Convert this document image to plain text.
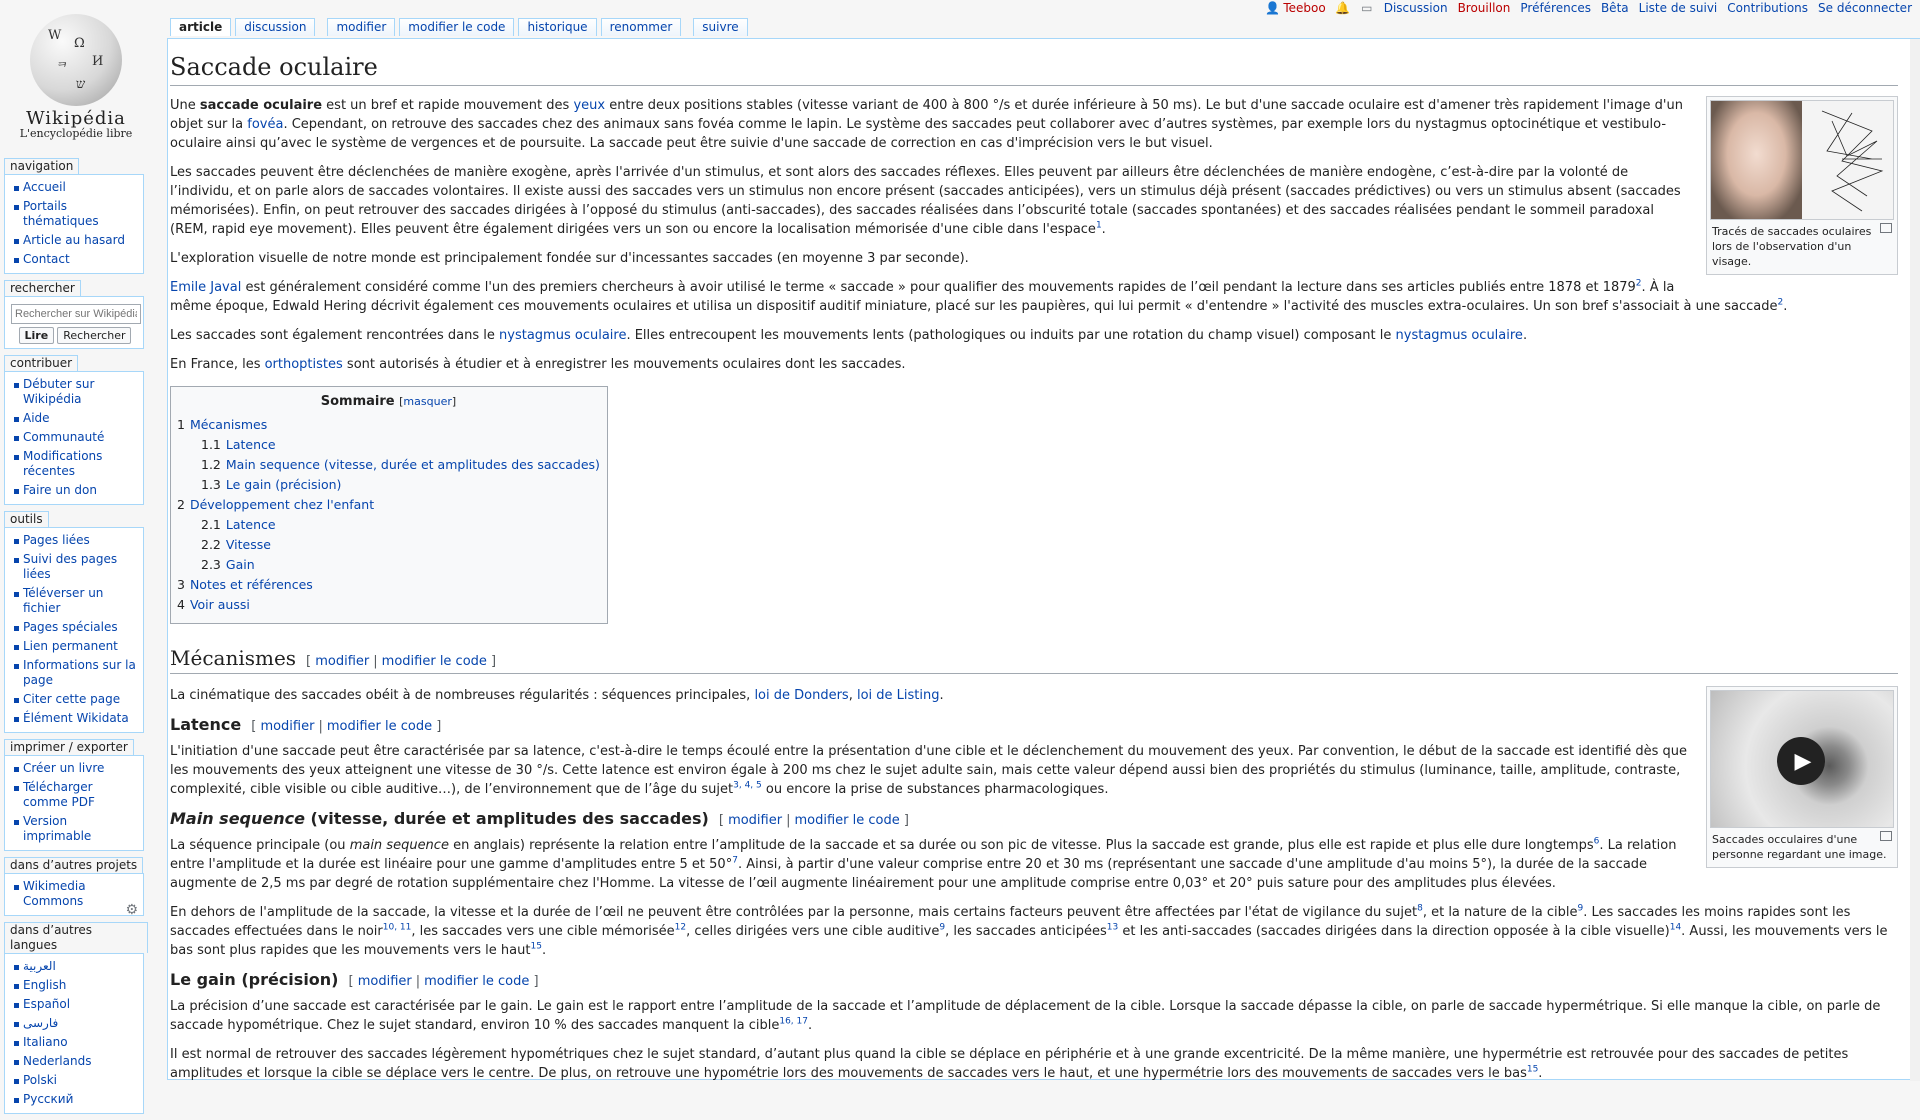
👤 Teeboo 🔔 ▭ Discussion Brouillon Préférences Bêta Liste de suivi Contributions Se déconnecter
article	discussion	modifier	modifier le code	historique	renommer	suivre
W
Ω
И
ᄏ
ש
Wikipédia
L'encyclopédie libre
navigation
Accueil
Portails thématiques
Article au hasard
Contact
rechercher
Rechercher sur Wikipédia
Lire	Rechercher
contribuer
Débuter sur Wikipédia
Aide
Communauté
Modifications récentes
Faire un don
outils
Pages liées
Suivi des pages liées
Téléverser un fichier
Pages spéciales
Lien permanent
Informations sur la page
Citer cette page
Élément Wikidata
imprimer / exporter
Créer un livre
Télécharger comme PDF
Version imprimable
dans d’autres projets
Wikimedia Commons
⚙
dans d’autres langues
العربية
English
Español
فارسی
Italiano
Nederlands
Polski
Русский
Saccade oculaire
Tracés de saccades oculaires lors de l'observation d'un visage.

Une saccade oculaire est un bref et rapide mouvement des yeux entre deux positions stables (vitesse variant de 400 à 800 °/s et durée inférieure à 50 ms). Le but d'une saccade oculaire est d'amener très rapidement l'image d'un objet sur la fovéa. Cependant, on retrouve des saccades chez des animaux sans fovéa comme le lapin. Le système des saccades peut collaborer avec d’autres systèmes, par exemple lors du nystagmus optocinétique et vestibulo-oculaire ainsi qu’avec le système de vergences et de poursuite. La saccade peut être suivie d'une saccade de correction en cas d'imprécision vers le but visuel.

Les saccades peuvent être déclenchées de manière exogène, après l'arrivée d'un stimulus, et sont alors des saccades réflexes. Elles peuvent par ailleurs être déclenchées de manière endogène, c’est-à-dire par la volonté de l’individu, et on parle alors de saccades volontaires. Il existe aussi des saccades vers un stimulus non encore présent (saccades anticipées), vers un stimulus déjà présent (saccades prédictives) ou vers un stimulus absent (saccades mémorisées). Enfin, on peut retrouver des saccades dirigées à l’opposé du stimulus (anti-saccades), des saccades réalisées dans l’obscurité totale (saccades spontanées) et des saccades réalisées pendant le sommeil paradoxal (REM, rapid eye movement). Elles peuvent être également dirigées vers un son ou encore la localisation mémorisée d'une cible dans l'espace$^1$.

L'exploration visuelle de notre monde est principalement fondée sur d'incessantes saccades (en moyenne 3 par seconde).

Emile Javal est généralement considéré comme l'un des premiers chercheurs à avoir utilisé le terme « saccade » pour qualifier des mouvements rapides de l’œil pendant la lecture dans ses articles publiés entre 1878 et 1879$^2$. À la même époque, Edwald Hering décrivit également ces mouvements oculaires et utilisa un dispositif auditif miniature, placé sur les paupières, qui lui permit « d'entendre » l'activité des muscles extra-oculaires. Un son bref s'associait à une saccade$^2$.

Les saccades sont également rencontrées dans le nystagmus oculaire. Elles entrecoupent les mouvements lents (pathologiques ou induits par une rotation du champ visuel) composant le nystagmus oculaire.

En France, les orthoptistes sont autorisés à étudier et à enregistrer les mouvements oculaires dont les saccades.

Sommaire [masquer]
1 Mécanismes
1.1 Latence
1.2 Main sequence (vitesse, durée et amplitudes des saccades)
1.3 Le gain (précision)
2 Développement chez l'enfant
2.1 Latence
2.2 Vitesse
2.3 Gain
3 Notes et références
4 Voir aussi
Mécanismes [ modifier | modifier le code ]
▶
Saccades occulaires d'une personne regardant une image.

La cinématique des saccades obéit à de nombreuses régularités : séquences principales, loi de Donders, loi de Listing.

Latence [ modifier | modifier le code ]

L'initiation d'une saccade peut être caractérisée par sa latence, c'est-à-dire le temps écoulé entre la présentation d'une cible et le déclenchement du mouvement des yeux. Par convention, le début de la saccade est identifié dès que les mouvements des yeux atteignent une vitesse de 30 °/s. Cette latence est environ égale à 200 ms chez le sujet adulte sain, mais cette valeur dépend aussi bien des propriétés du stimulus (luminance, taille, amplitude, contraste, complexité, cible visible ou cible auditive…), de l’environnement que de l’âge du sujet$^{3, 4, 5}$ ou encore la prise de substances pharmacologiques.

Main sequence (vitesse, durée et amplitudes des saccades) [ modifier | modifier le code ]

La séquence principale (ou main sequence en anglais) représente la relation entre l’amplitude de la saccade et sa durée ou son pic de vitesse. Plus la saccade est grande, plus elle est rapide et plus elle dure longtemps$^6$. La relation entre l'amplitude et la durée est linéaire pour une gamme d'amplitudes entre 5 et 50°$^7$. Ainsi, à partir d'une valeur comprise entre 20 et 30 ms (représentant une saccade d'une amplitude d'au moins 5°), la durée de la saccade augmente de 2,5 ms par degré de rotation supplémentaire chez l'Homme. La vitesse de l’œil augmente linéairement pour une amplitude comprise entre 0,03° et 20° puis sature pour des amplitudes plus élevées.

En dehors de l'amplitude de la saccade, la vitesse et la durée de l’œil ne peuvent être contrôlées par la personne, mais certains facteurs peuvent être affectées par l'état de vigilance du sujet$^8$, et la nature de la cible$^9$. Les saccades les moins rapides sont les saccades effectuées dans le noir$^{10, 11}$, les saccades vers une cible mémorisée$^{12}$, celles dirigées vers une cible auditive$^9$, les saccades anticipées$^{13}$ et les anti-saccades (saccades dirigées dans la direction opposée à la cible visuelle)$^{14}$. Aussi, les mouvements vers le bas sont plus rapides que les mouvements vers le haut$^{15}$.

Le gain (précision) [ modifier | modifier le code ]

La précision d’une saccade est caractérisée par le gain. Le gain est le rapport entre l’amplitude de la saccade et l’amplitude de déplacement de la cible. Lorsque la saccade dépasse la cible, on parle de saccade hypermétrique. Si elle manque la cible, on parle de saccade hypométrique. Chez le sujet standard, environ 10 % des saccades manquent la cible$^{16, 17}$.

Il est normal de retrouver des saccades légèrement hypométriques chez le sujet standard, d’autant plus quand la cible se déplace en périphérie et à une grande excentricité. De la même manière, une hypermétrie est retrouvée pour des saccades de petites amplitudes et lorsque la cible se déplace vers le centre. De plus, on retrouve une hypométrie lors des mouvements de saccades vers le haut, et une hypermétrie lors des mouvements de saccades vers le bas$^{15}$.
